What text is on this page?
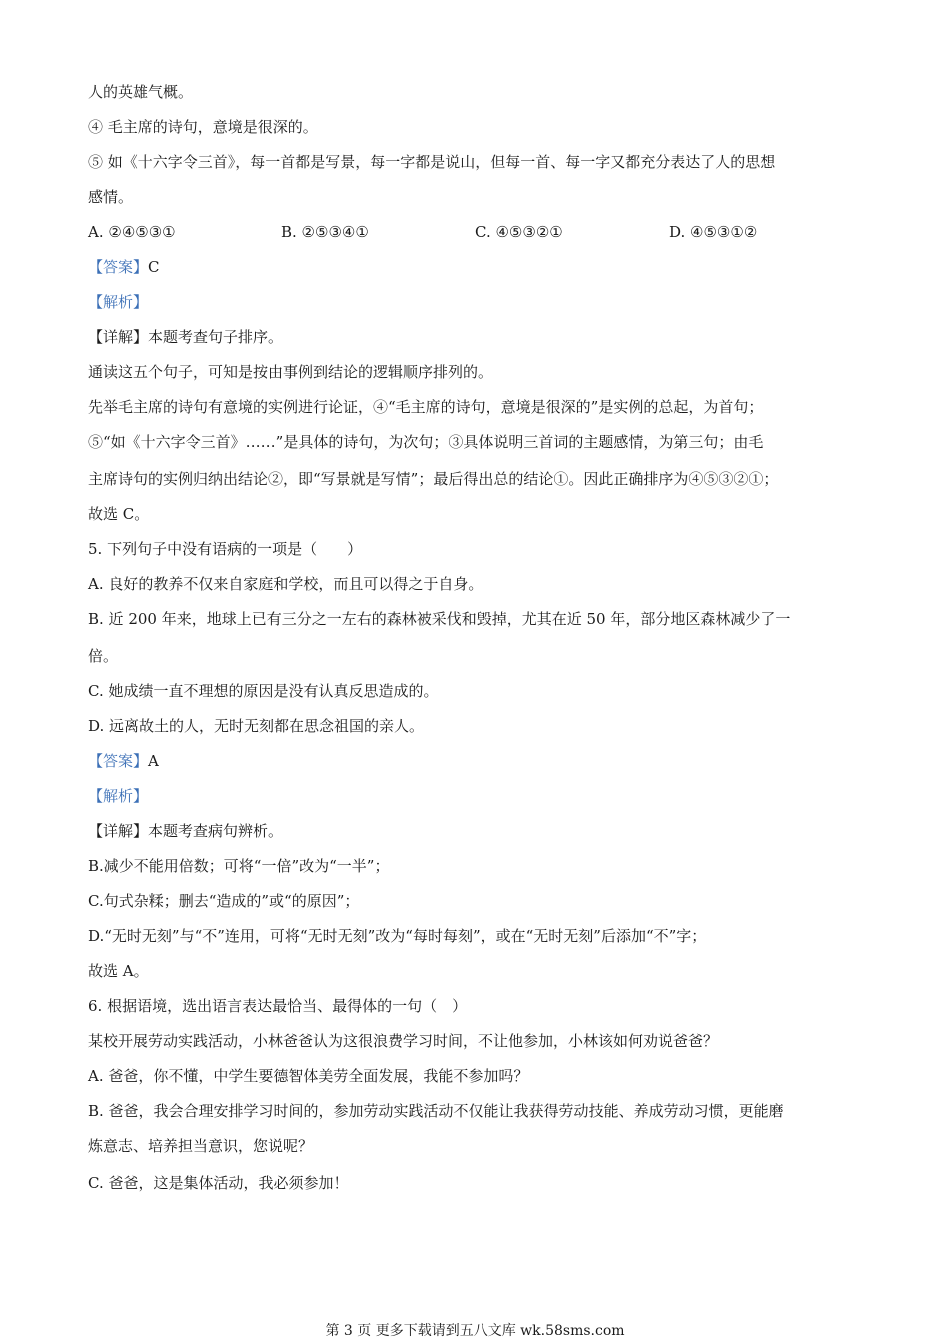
人的英雄气概。
④ 毛主席的诗句，意境是很深的。
⑤ 如《十六字令三首》，每一首都是写景，每一字都是说山，但每一首、每一字又都充分表达了人的思想
感情。
A. ②④⑤③①	B. ②⑤③④①	C. ④⑤③②①	D. ④⑤③①②
【答案】C
【解析】
【详解】本题考查句子排序。
通读这五个句子，可知是按由事例到结论的逻辑顺序排列的。
先举毛主席的诗句有意境的实例进行论证，④“毛主席的诗句，意境是很深的”是实例的总起，为首句；
⑤“如《十六字令三首》……”是具体的诗句，为次句；③具体说明三首词的主题感情，为第三句；由毛
主席诗句的实例归纳出结论②，即“写景就是写情”；最后得出总的结论①。因此正确排序为④⑤③②①；
故选 C。
5. 下列句子中没有语病的一项是（　　）
A. 良好的教养不仅来自家庭和学校，而且可以得之于自身。
B. 近 200 年来，地球上已有三分之一左右的森林被采伐和毁掉，尤其在近 50 年，部分地区森林减少了一
倍。
C. 她成绩一直不理想的原因是没有认真反思造成的。
D. 远离故土的人，无时无刻都在思念祖国的亲人。
【答案】A
【解析】
【详解】本题考查病句辨析。
B.减少不能用倍数；可将“一倍”改为“一半”；
C.句式杂糅；删去“造成的”或“的原因”；
D.“无时无刻”与“不”连用，可将“无时无刻”改为“每时每刻”，或在“无时无刻”后添加“不”字；
故选 A。
6. 根据语境，选出语言表达最恰当、最得体的一句（　）
某校开展劳动实践活动，小林爸爸认为这很浪费学习时间，不让他参加，小林该如何劝说爸爸？
A. 爸爸，你不懂，中学生要德智体美劳全面发展，我能不参加吗？
B. 爸爸，我会合理安排学习时间的，参加劳动实践活动不仅能让我获得劳动技能、养成劳动习惯，更能磨
炼意志、培养担当意识，您说呢？
C. 爸爸，这是集体活动，我必须参加！
第 3 页 更多下载请到五八文库 wk.58sms.com
